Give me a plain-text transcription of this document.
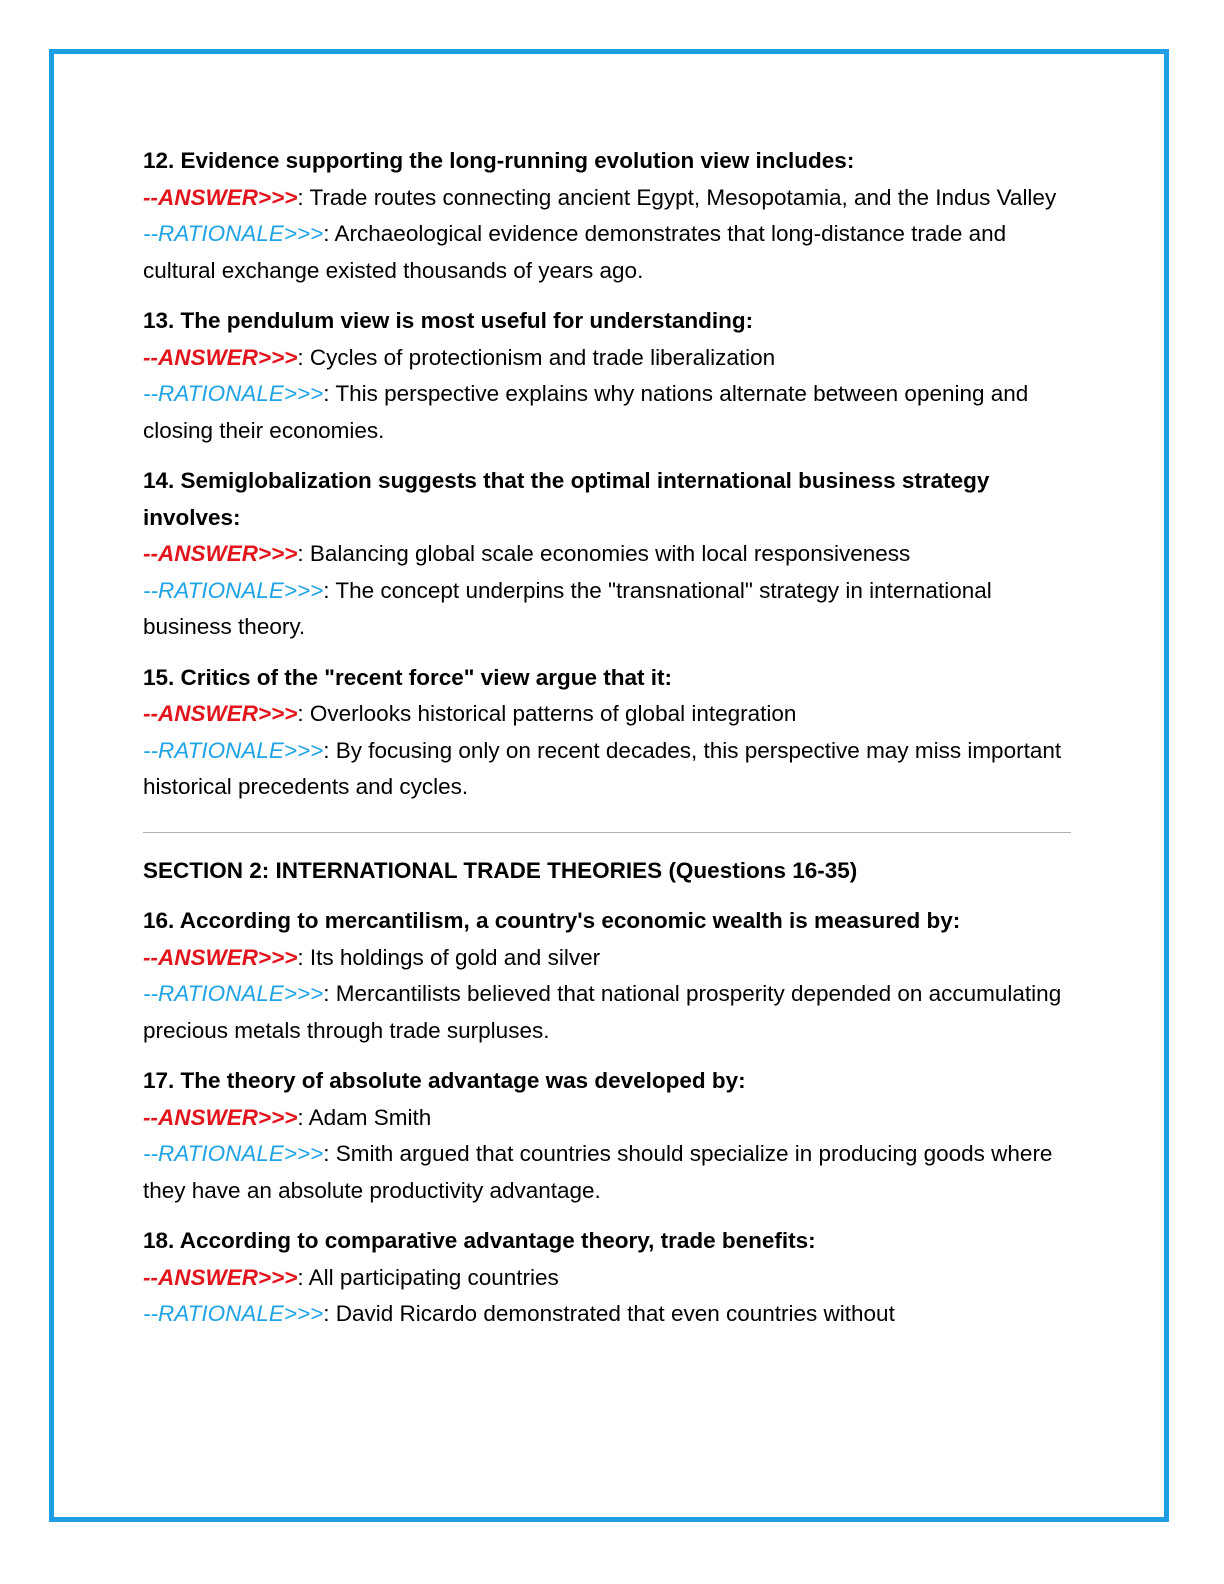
12. Evidence supporting the long-running evolution view includes:
--ANSWER>>>: Trade routes connecting ancient Egypt, Mesopotamia, and the Indus Valley
--RATIONALE>>>: Archaeological evidence demonstrates that long-distance trade and cultural exchange existed thousands of years ago.
13. The pendulum view is most useful for understanding:
--ANSWER>>>: Cycles of protectionism and trade liberalization
--RATIONALE>>>: This perspective explains why nations alternate between opening and closing their economies.
14. Semiglobalization suggests that the optimal international business strategy involves:
--ANSWER>>>: Balancing global scale economies with local responsiveness
--RATIONALE>>>: The concept underpins the "transnational" strategy in international business theory.
15. Critics of the "recent force" view argue that it:
--ANSWER>>>: Overlooks historical patterns of global integration
--RATIONALE>>>: By focusing only on recent decades, this perspective may miss important historical precedents and cycles.
SECTION 2: INTERNATIONAL TRADE THEORIES (Questions 16-35)
16. According to mercantilism, a country's economic wealth is measured by:
--ANSWER>>>: Its holdings of gold and silver
--RATIONALE>>>: Mercantilists believed that national prosperity depended on accumulating precious metals through trade surpluses.
17. The theory of absolute advantage was developed by:
--ANSWER>>>: Adam Smith
--RATIONALE>>>: Smith argued that countries should specialize in producing goods where they have an absolute productivity advantage.
18. According to comparative advantage theory, trade benefits:
--ANSWER>>>: All participating countries
--RATIONALE>>>: David Ricardo demonstrated that even countries without
